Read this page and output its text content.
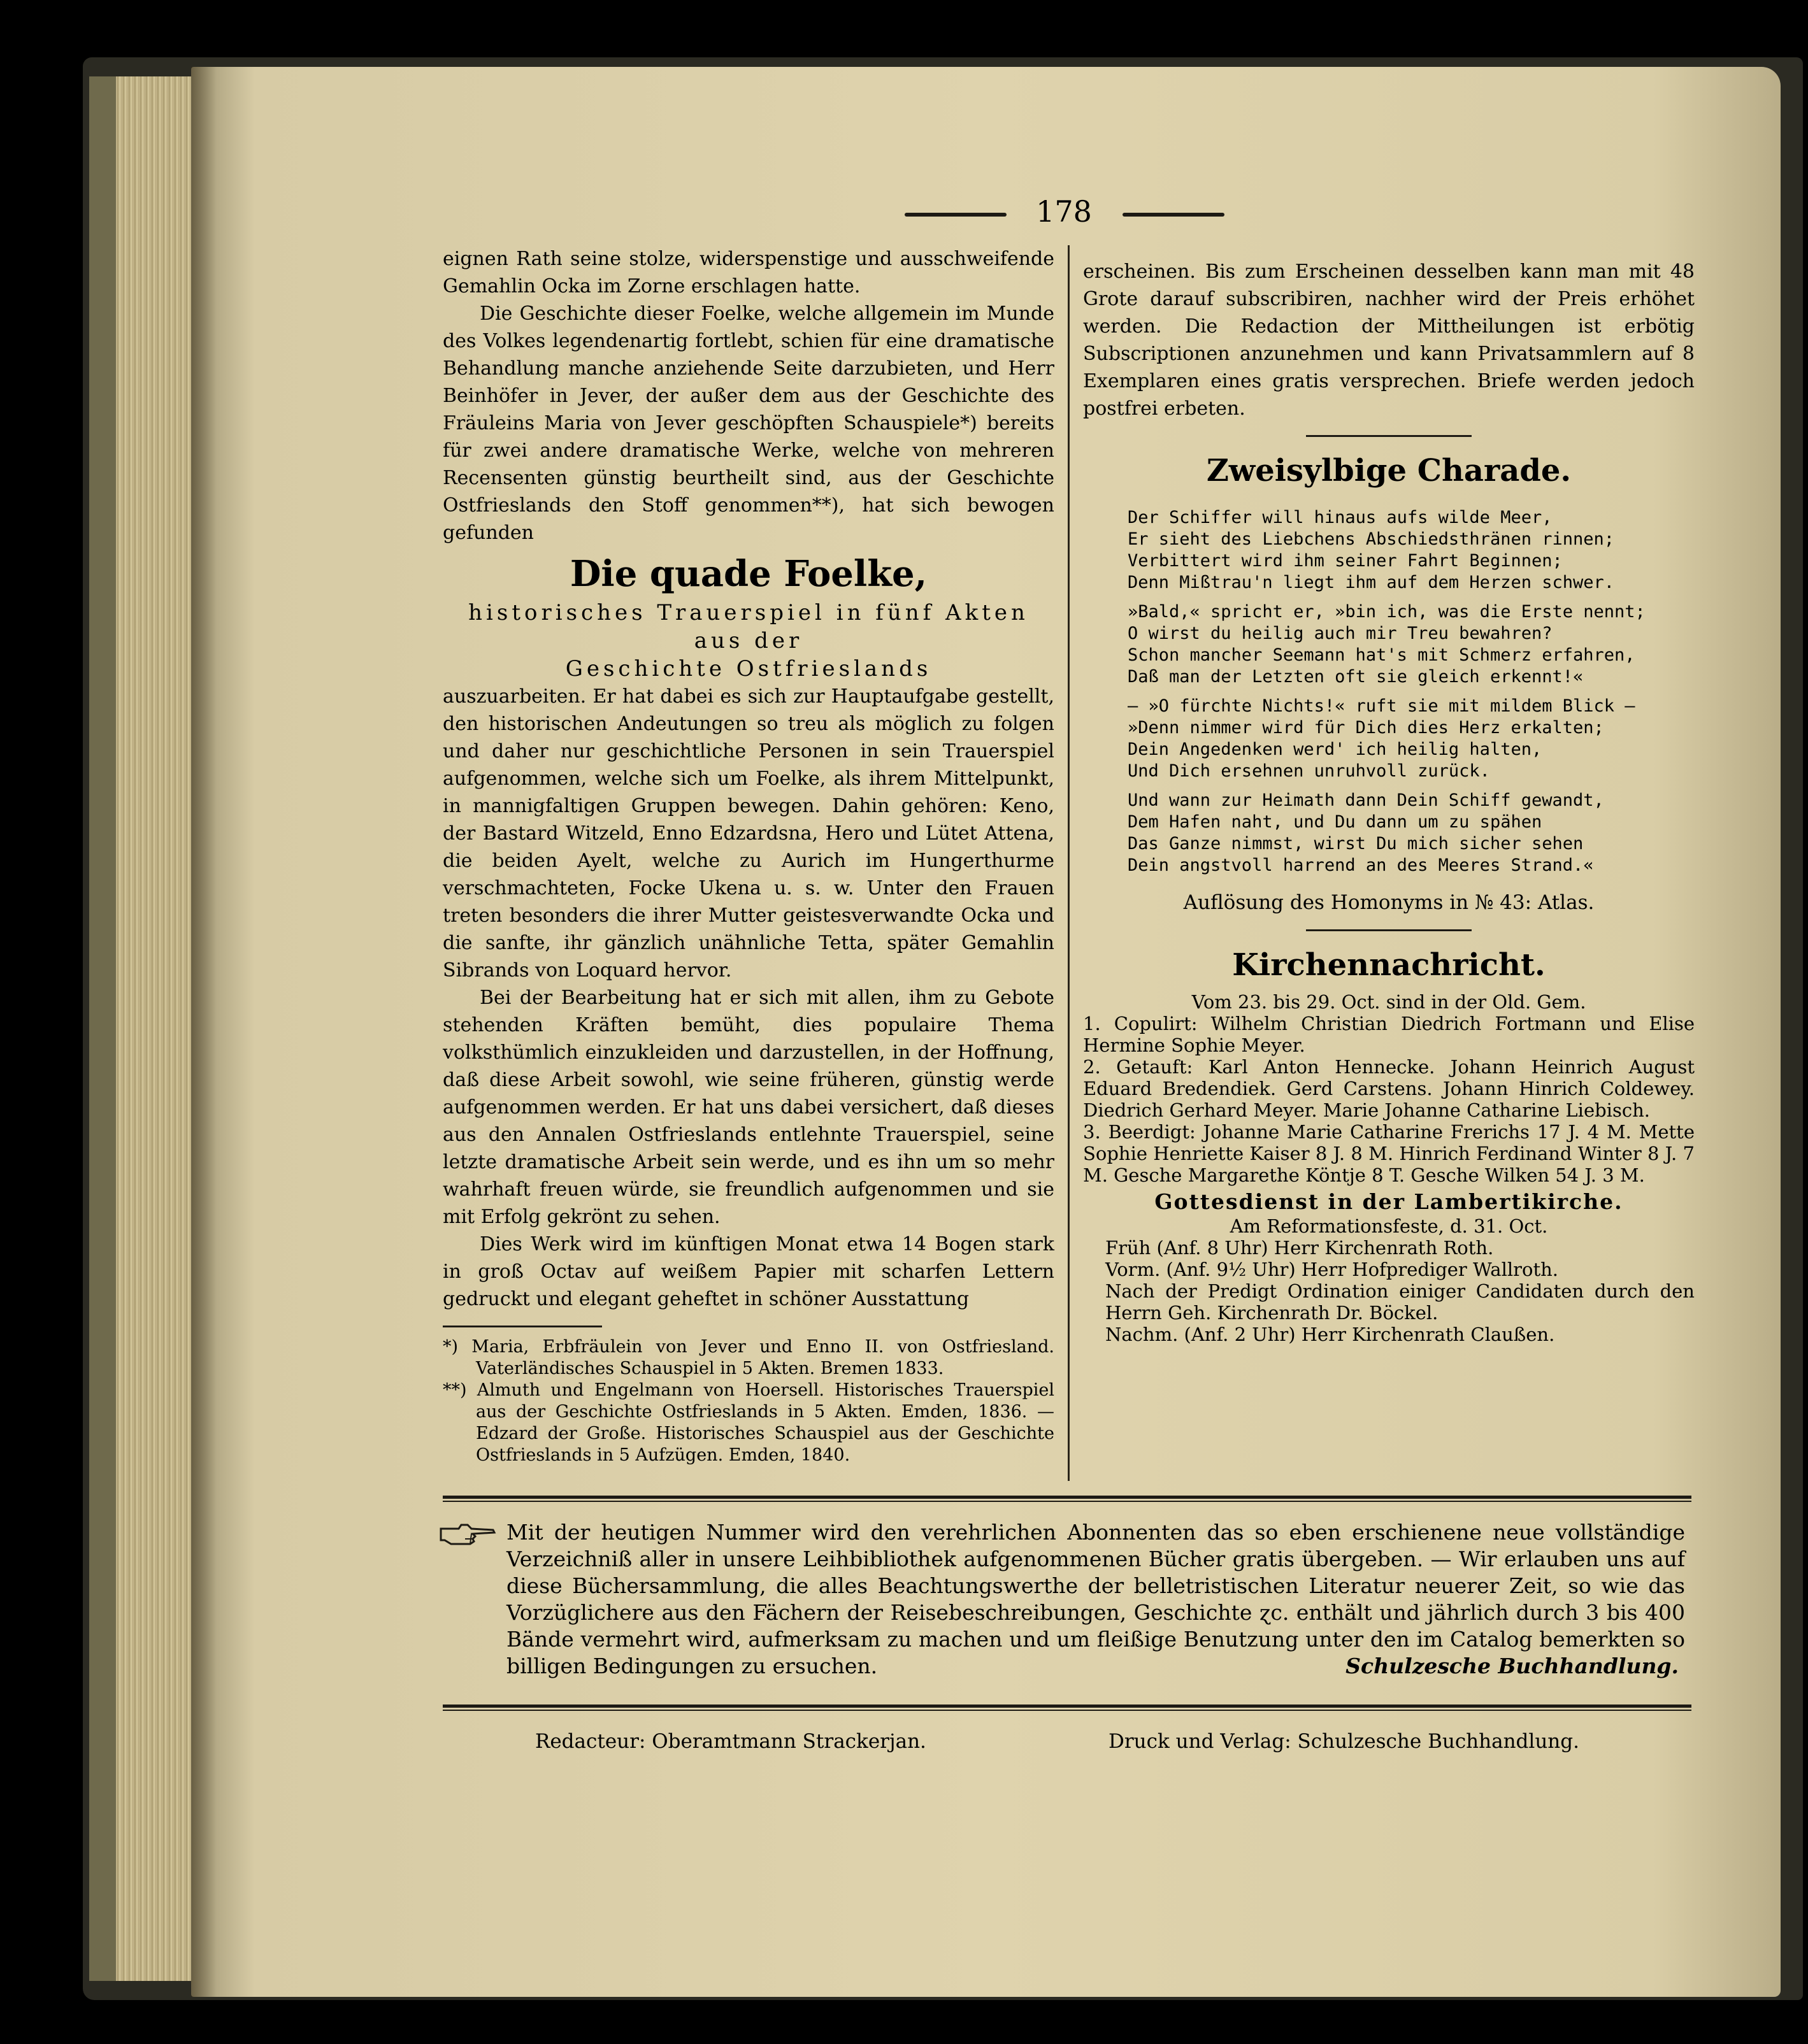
178

eignen Rath seine stolze, widerspenstige und ausschweifende Gemahlin Ocka im Zorne erschlagen hatte.

Die Geschichte dieser Foelke, welche allgemein im Munde des Volkes legendenartig fortlebt, schien für eine dramatische Behandlung manche anziehende Seite darzubieten, und Herr Beinhöfer in Jever, der außer dem aus der Geschichte des Fräuleins Maria von Jever geschöpften Schauspiele*) bereits für zwei andere dramatische Werke, welche von mehreren Recensenten günstig beurtheilt sind, aus der Geschichte Ostfrieslands den Stoff genommen**), hat sich bewogen gefunden

Die quade Foelke,
historisches Trauerspiel in fünf Akten aus der
Geschichte Ostfrieslands

auszuarbeiten. Er hat dabei es sich zur Hauptaufgabe gestellt, den historischen Andeutungen so treu als möglich zu folgen und daher nur geschichtliche Personen in sein Trauerspiel aufgenommen, welche sich um Foelke, als ihrem Mittelpunkt, in mannigfaltigen Gruppen bewegen. Dahin gehören: Keno, der Bastard Witzeld, Enno Edzardsna, Hero und Lütet Attena, die beiden Ayelt, welche zu Aurich im Hungerthurme verschmachteten, Focke Ukena u. s. w. Unter den Frauen treten besonders die ihrer Mutter geistesverwandte Ocka und die sanfte, ihr gänzlich unähnliche Tetta, später Gemahlin Sibrands von Loquard hervor.

Bei der Bearbeitung hat er sich mit allen, ihm zu Gebote stehenden Kräften bemüht, dies populaire Thema volksthümlich einzukleiden und darzustellen, in der Hoffnung, daß diese Arbeit sowohl, wie seine früheren, günstig werde aufgenommen werden. Er hat uns dabei versichert, daß dieses aus den Annalen Ostfrieslands entlehnte Trauerspiel, seine letzte dramatische Arbeit sein werde, und es ihn um so mehr wahrhaft freuen würde, sie freundlich aufgenommen und sie mit Erfolg gekrönt zu sehen.

Dies Werk wird im künftigen Monat etwa 14 Bogen stark in groß Octav auf weißem Papier mit scharfen Lettern gedruckt und elegant geheftet in schöner Ausstattung

*) Maria, Erbfräulein von Jever und Enno II. von Ostfriesland. Vaterländisches Schauspiel in 5 Akten. Bremen 1833.

**) Almuth und Engelmann von Hoersell. Historisches Trauerspiel aus der Geschichte Ostfrieslands in 5 Akten. Emden, 1836. — Edzard der Große. Historisches Schauspiel aus der Geschichte Ostfrieslands in 5 Aufzügen. Emden, 1840.

erscheinen. Bis zum Erscheinen desselben kann man mit 48 Grote darauf subscribiren, nachher wird der Preis erhöhet werden. Die Redaction der Mittheilungen ist erbötig Subscriptionen anzunehmen und kann Privatsammlern auf 8 Exemplaren eines gratis versprechen. Briefe werden jedoch postfrei erbeten.

Zweisylbige Charade.
Der Schiffer will hinaus aufs wilde Meer,
Er sieht des Liebchens Abschiedsthränen rinnen;
Verbittert wird ihm seiner Fahrt Beginnen;
Denn Mißtrau'n liegt ihm auf dem Herzen schwer.
»Bald,« spricht er, »bin ich, was die Erste nennt;
O wirst du heilig auch mir Treu bewahren?
Schon mancher Seemann hat's mit Schmerz erfahren,
Daß man der Letzten oft sie gleich erkennt!«
— »O fürchte Nichts!« ruft sie mit mildem Blick —
»Denn nimmer wird für Dich dies Herz erkalten;
Dein Angedenken werd' ich heilig halten,
Und Dich ersehnen unruhvoll zurück.
Und wann zur Heimath dann Dein Schiff gewandt,
Dem Hafen naht, und Du dann um zu spähen
Das Ganze nimmst, wirst Du mich sicher sehen
Dein angstvoll harrend an des Meeres Strand.«
Auflösung des Homonyms in № 43: Atlas.
Kirchennachricht.

Vom 23. bis 29. Oct. sind in der Old. Gem.

1. Copulirt: Wilhelm Christian Diedrich Fortmann und Elise Hermine Sophie Meyer.

2. Getauft: Karl Anton Hennecke. Johann Heinrich August Eduard Bredendiek. Gerd Carstens. Johann Hinrich Coldewey. Diedrich Gerhard Meyer. Marie Johanne Catharine Liebisch.

3. Beerdigt: Johanne Marie Catharine Frerichs 17 J. 4 M. Mette Sophie Henriette Kaiser 8 J. 8 M. Hinrich Ferdinand Winter 8 J. 7 M. Gesche Margarethe Köntje 8 T. Gesche Wilken 54 J. 3 M.

Gottesdienst in der Lambertikirche.

Am Reformationsfeste, d. 31. Oct.

Früh (Anf. 8 Uhr) Herr Kirchenrath Roth.

Vorm. (Anf. 9½ Uhr) Herr Hofprediger Wallroth.

Nach der Predigt Ordination einiger Candidaten durch den Herrn Geh. Kirchenrath Dr. Böckel.

Nachm. (Anf. 2 Uhr) Herr Kirchenrath Claußen.

Mit der heutigen Nummer wird den verehrlichen Abonnenten das so eben erschienene neue vollständige Verzeichniß aller in unsere Leihbibliothek aufgenommenen Bücher gratis übergeben. — Wir erlauben uns auf diese Büchersammlung, die alles Beachtungswerthe der belletristischen Literatur neuerer Zeit, so wie das Vorzüglichere aus den Fächern der Reisebeschreibungen, Geschichte ɀc. enthält und jährlich durch 3 bis 400 Bände vermehrt wird, aufmerksam zu machen und um fleißige Benutzung unter den im Catalog bemerkten so billigen Bedingungen zu ersuchen.	Schulzesche Buchhandlung.

Redacteur: Oberamtmann Strackerjan.	Druck und Verlag: Schulzesche Buchhandlung.
